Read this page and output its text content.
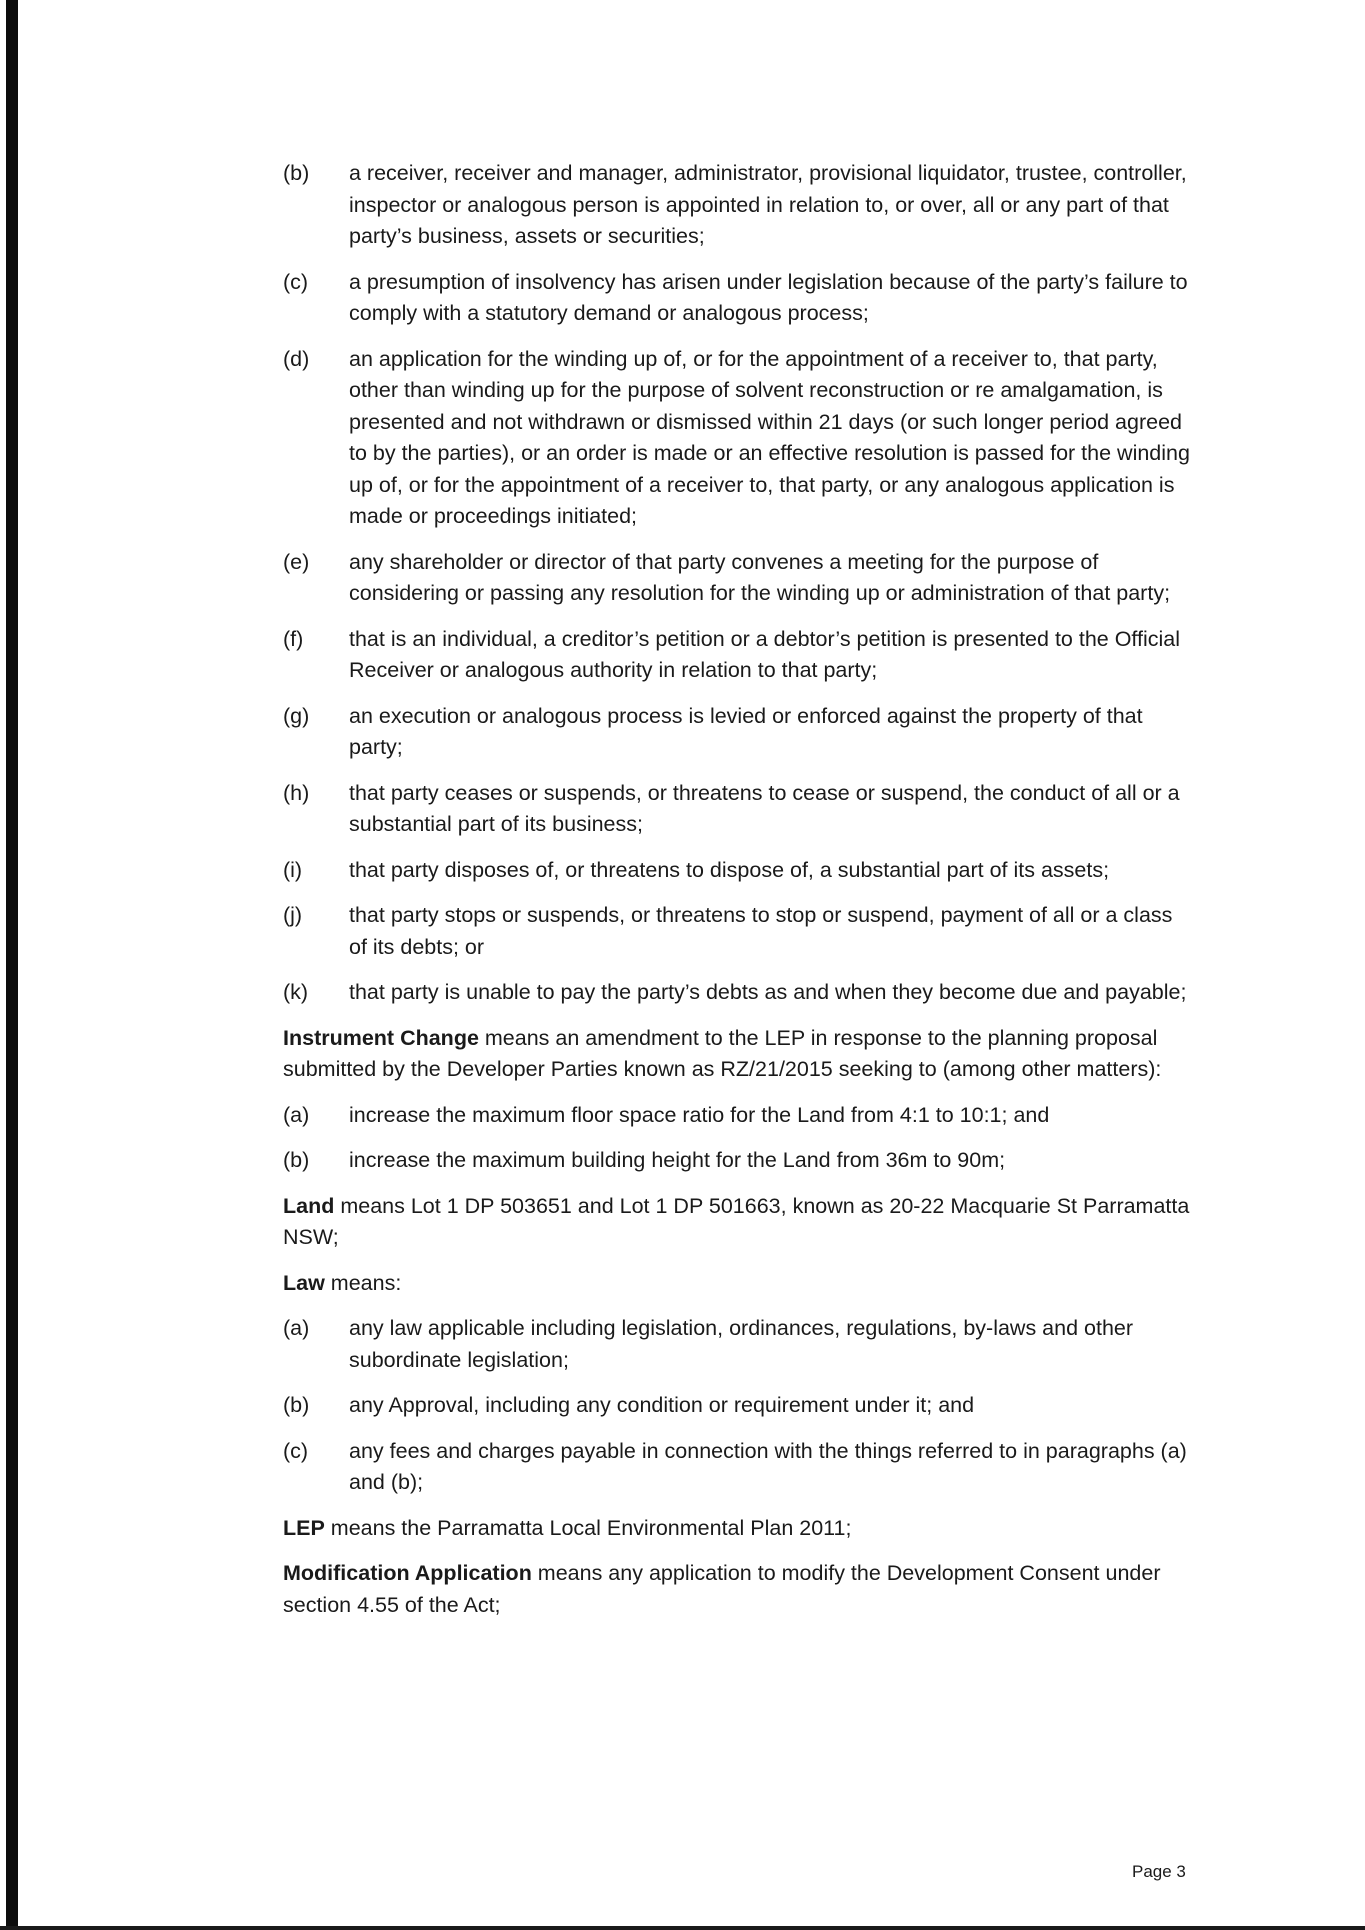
(b)	a receiver, receiver and manager, administrator, provisional liquidator, trustee, controller, inspector or analogous person is appointed in relation to, or over, all or any part of that party’s business, assets or securities;
(c)	a presumption of insolvency has arisen under legislation because of the party’s failure to comply with a statutory demand or analogous process;
(d)	an application for the winding up of, or for the appointment of a receiver to, that party, other than winding up for the purpose of solvent reconstruction or re amalgamation, is presented and not withdrawn or dismissed within 21 days (or such longer period agreed to by the parties), or an order is made or an effective resolution is passed for the winding up of, or for the appointment of a receiver to, that party, or any analogous application is made or proceedings initiated;
(e)	any shareholder or director of that party convenes a meeting for the purpose of considering or passing any resolution for the winding up or administration of that party;
(f)	that is an individual, a creditor’s petition or a debtor’s petition is presented to the Official Receiver or analogous authority in relation to that party;
(g)	an execution or analogous process is levied or enforced against the property of that party;
(h)	that party ceases or suspends, or threatens to cease or suspend, the conduct of all or a substantial part of its business;
(i)	that party disposes of, or threatens to dispose of, a substantial part of its assets;
(j)	that party stops or suspends, or threatens to stop or suspend, payment of all or a class of its debts; or
(k)	that party is unable to pay the party’s debts as and when they become due and payable;
Instrument Change means an amendment to the LEP in response to the planning proposal submitted by the Developer Parties known as RZ/21/2015 seeking to (among other matters):
(a)	increase the maximum floor space ratio for the Land from 4:1 to 10:1; and
(b)	increase the maximum building height for the Land from 36m to 90m;
Land means Lot 1 DP 503651 and Lot 1 DP 501663, known as 20-22 Macquarie St Parramatta NSW;
Law means:
(a)	any law applicable including legislation, ordinances, regulations, by-laws and other subordinate legislation;
(b)	any Approval, including any condition or requirement under it; and
(c)	any fees and charges payable in connection with the things referred to in paragraphs (a) and (b);
LEP means the Parramatta Local Environmental Plan 2011;
Modification Application means any application to modify the Development Consent under section 4.55 of the Act;
Page 3
